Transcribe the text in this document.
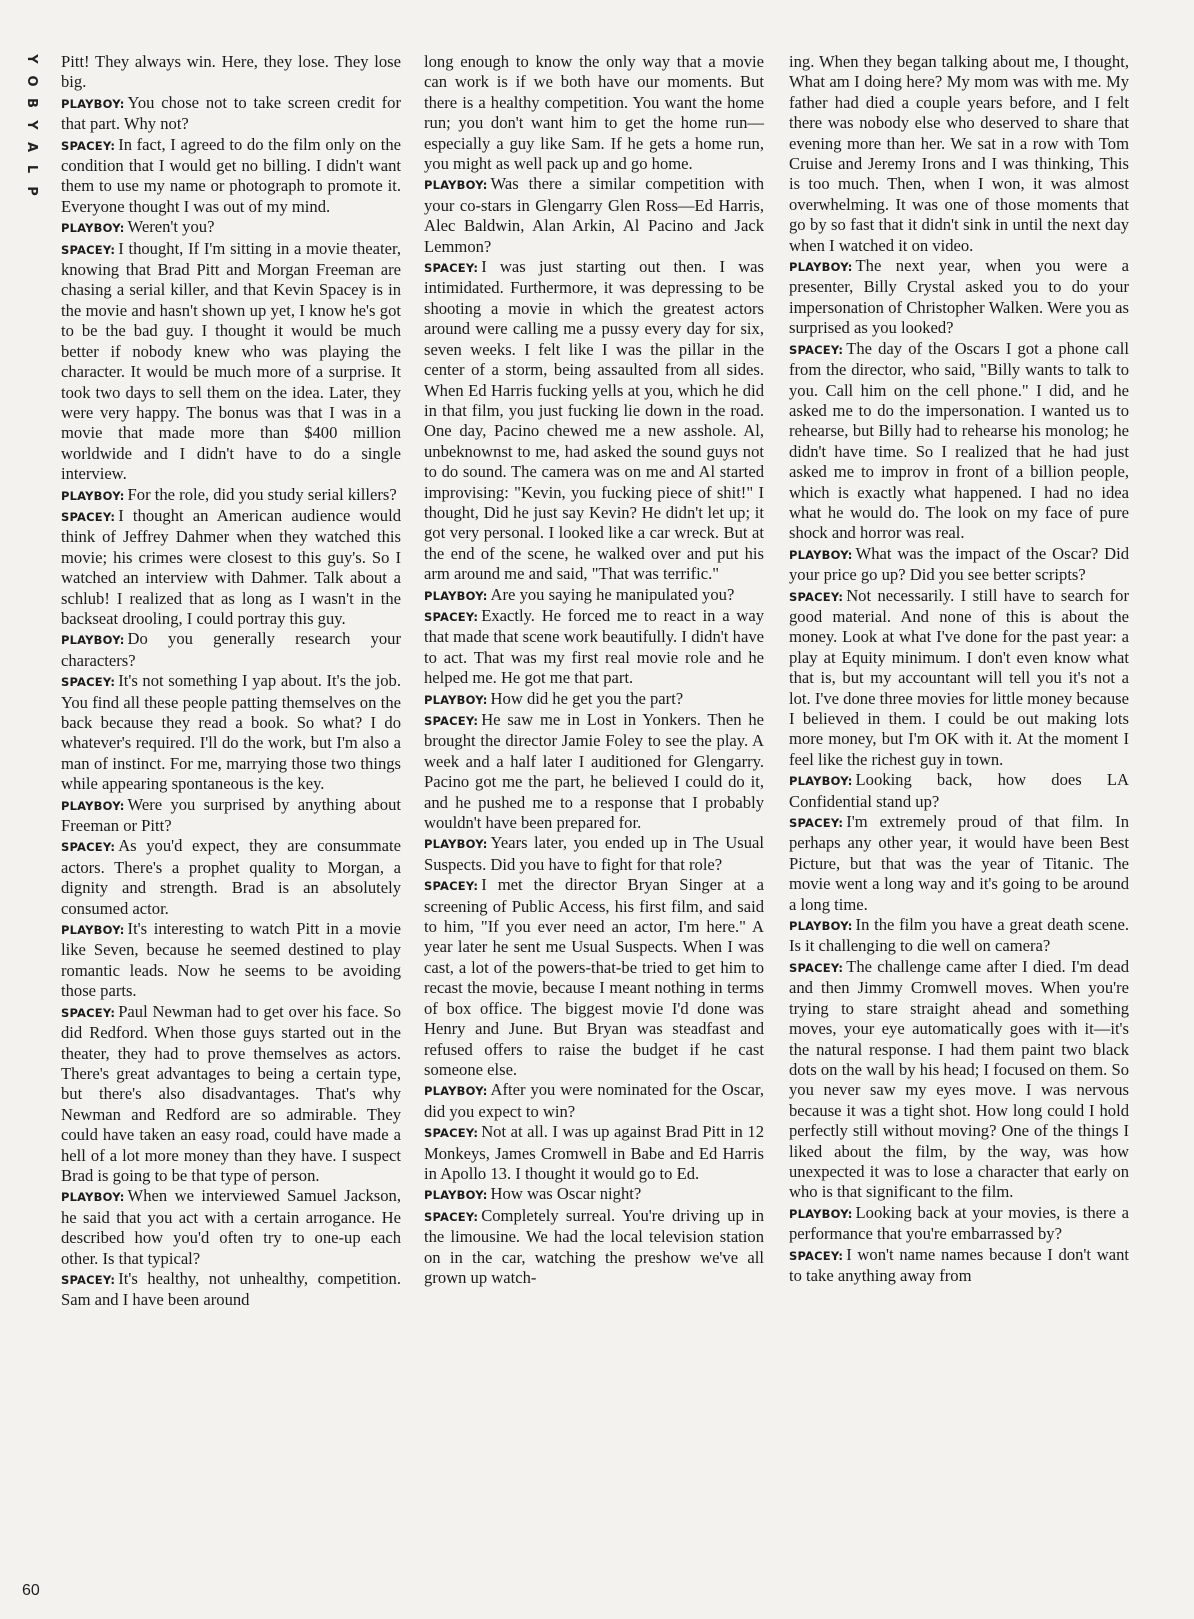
Y
O
B
Y
A
L
P

Pitt! They always win. Here, they lose. They lose big.

PLAYBOY: You chose not to take screen credit for that part. Why not?

SPACEY: In fact, I agreed to do the film only on the condition that I would get no billing. I didn't want them to use my name or photograph to promote it. Everyone thought I was out of my mind.

PLAYBOY: Weren't you?

SPACEY: I thought, If I'm sitting in a movie theater, knowing that Brad Pitt and Morgan Freeman are chasing a serial killer, and that Kevin Spacey is in the movie and hasn't shown up yet, I know he's got to be the bad guy. I thought it would be much better if nobody knew who was playing the character. It would be much more of a surprise. It took two days to sell them on the idea. Later, they were very happy. The bonus was that I was in a movie that made more than $400 million worldwide and I didn't have to do a single interview.

PLAYBOY: For the role, did you study serial killers?

SPACEY: I thought an American audience would think of Jeffrey Dahmer when they watched this movie; his crimes were closest to this guy's. So I watched an interview with Dahmer. Talk about a schlub! I realized that as long as I wasn't in the backseat drooling, I could portray this guy.

PLAYBOY: Do you generally research your characters?

SPACEY: It's not something I yap about. It's the job. You find all these people patting themselves on the back because they read a book. So what? I do whatever's required. I'll do the work, but I'm also a man of instinct. For me, marrying those two things while appearing spontaneous is the key.

PLAYBOY: Were you surprised by anything about Freeman or Pitt?

SPACEY: As you'd expect, they are consummate actors. There's a prophet quality to Morgan, a dignity and strength. Brad is an absolutely consumed actor.

PLAYBOY: It's interesting to watch Pitt in a movie like Seven, because he seemed destined to play romantic leads. Now he seems to be avoiding those parts.

SPACEY: Paul Newman had to get over his face. So did Redford. When those guys started out in the theater, they had to prove themselves as actors. There's great advantages to being a certain type, but there's also disadvantages. That's why Newman and Redford are so admirable. They could have taken an easy road, could have made a hell of a lot more money than they have. I suspect Brad is going to be that type of person.

PLAYBOY: When we interviewed Samuel Jackson, he said that you act with a certain arrogance. He described how you'd often try to one-up each other. Is that typical?

SPACEY: It's healthy, not unhealthy, competition. Sam and I have been around

long enough to know the only way that a movie can work is if we both have our moments. But there is a healthy competition. You want the home run; you don't want him to get the home run—especially a guy like Sam. If he gets a home run, you might as well pack up and go home.

PLAYBOY: Was there a similar competition with your co-stars in Glengarry Glen Ross—Ed Harris, Alec Baldwin, Alan Arkin, Al Pacino and Jack Lemmon?

SPACEY: I was just starting out then. I was intimidated. Furthermore, it was depressing to be shooting a movie in which the greatest actors around were calling me a pussy every day for six, seven weeks. I felt like I was the pillar in the center of a storm, being assaulted from all sides. When Ed Harris fucking yells at you, which he did in that film, you just fucking lie down in the road. One day, Pacino chewed me a new asshole. Al, unbeknownst to me, had asked the sound guys not to do sound. The camera was on me and Al started improvising: "Kevin, you fucking piece of shit!" I thought, Did he just say Kevin? He didn't let up; it got very personal. I looked like a car wreck. But at the end of the scene, he walked over and put his arm around me and said, "That was terrific."

PLAYBOY: Are you saying he manipulated you?

SPACEY: Exactly. He forced me to react in a way that made that scene work beautifully. I didn't have to act. That was my first real movie role and he helped me. He got me that part.

PLAYBOY: How did he get you the part?

SPACEY: He saw me in Lost in Yonkers. Then he brought the director Jamie Foley to see the play. A week and a half later I auditioned for Glengarry. Pacino got me the part, he believed I could do it, and he pushed me to a response that I probably wouldn't have been prepared for.

PLAYBOY: Years later, you ended up in The Usual Suspects. Did you have to fight for that role?

SPACEY: I met the director Bryan Singer at a screening of Public Access, his first film, and said to him, "If you ever need an actor, I'm here." A year later he sent me Usual Suspects. When I was cast, a lot of the powers-that-be tried to get him to recast the movie, because I meant nothing in terms of box office. The biggest movie I'd done was Henry and June. But Bryan was steadfast and refused offers to raise the budget if he cast someone else.

PLAYBOY: After you were nominated for the Oscar, did you expect to win?

SPACEY: Not at all. I was up against Brad Pitt in 12 Monkeys, James Cromwell in Babe and Ed Harris in Apollo 13. I thought it would go to Ed.

PLAYBOY: How was Oscar night?

SPACEY: Completely surreal. You're driving up in the limousine. We had the local television station on in the car, watching the preshow we've all grown up watch-

ing. When they began talking about me, I thought, What am I doing here? My mom was with me. My father had died a couple years before, and I felt there was nobody else who deserved to share that evening more than her. We sat in a row with Tom Cruise and Jeremy Irons and I was thinking, This is too much. Then, when I won, it was almost overwhelming. It was one of those moments that go by so fast that it didn't sink in until the next day when I watched it on video.

PLAYBOY: The next year, when you were a presenter, Billy Crystal asked you to do your impersonation of Christopher Walken. Were you as surprised as you looked?

SPACEY: The day of the Oscars I got a phone call from the director, who said, "Billy wants to talk to you. Call him on the cell phone." I did, and he asked me to do the impersonation. I wanted us to rehearse, but Billy had to rehearse his monolog; he didn't have time. So I realized that he had just asked me to improv in front of a billion people, which is exactly what happened. I had no idea what he would do. The look on my face of pure shock and horror was real.

PLAYBOY: What was the impact of the Oscar? Did your price go up? Did you see better scripts?

SPACEY: Not necessarily. I still have to search for good material. And none of this is about the money. Look at what I've done for the past year: a play at Equity minimum. I don't even know what that is, but my accountant will tell you it's not a lot. I've done three movies for little money because I believed in them. I could be out making lots more money, but I'm OK with it. At the moment I feel like the richest guy in town.

PLAYBOY: Looking back, how does LA Confidential stand up?

SPACEY: I'm extremely proud of that film. In perhaps any other year, it would have been Best Picture, but that was the year of Titanic. The movie went a long way and it's going to be around a long time.

PLAYBOY: In the film you have a great death scene. Is it challenging to die well on camera?

SPACEY: The challenge came after I died. I'm dead and then Jimmy Cromwell moves. When you're trying to stare straight ahead and something moves, your eye automatically goes with it—it's the natural response. I had them paint two black dots on the wall by his head; I focused on them. So you never saw my eyes move. I was nervous because it was a tight shot. How long could I hold perfectly still without moving? One of the things I liked about the film, by the way, was how unexpected it was to lose a character that early on who is that significant to the film.

PLAYBOY: Looking back at your movies, is there a performance that you're embarrassed by?

SPACEY: I won't name names because I don't want to take anything away from

60
